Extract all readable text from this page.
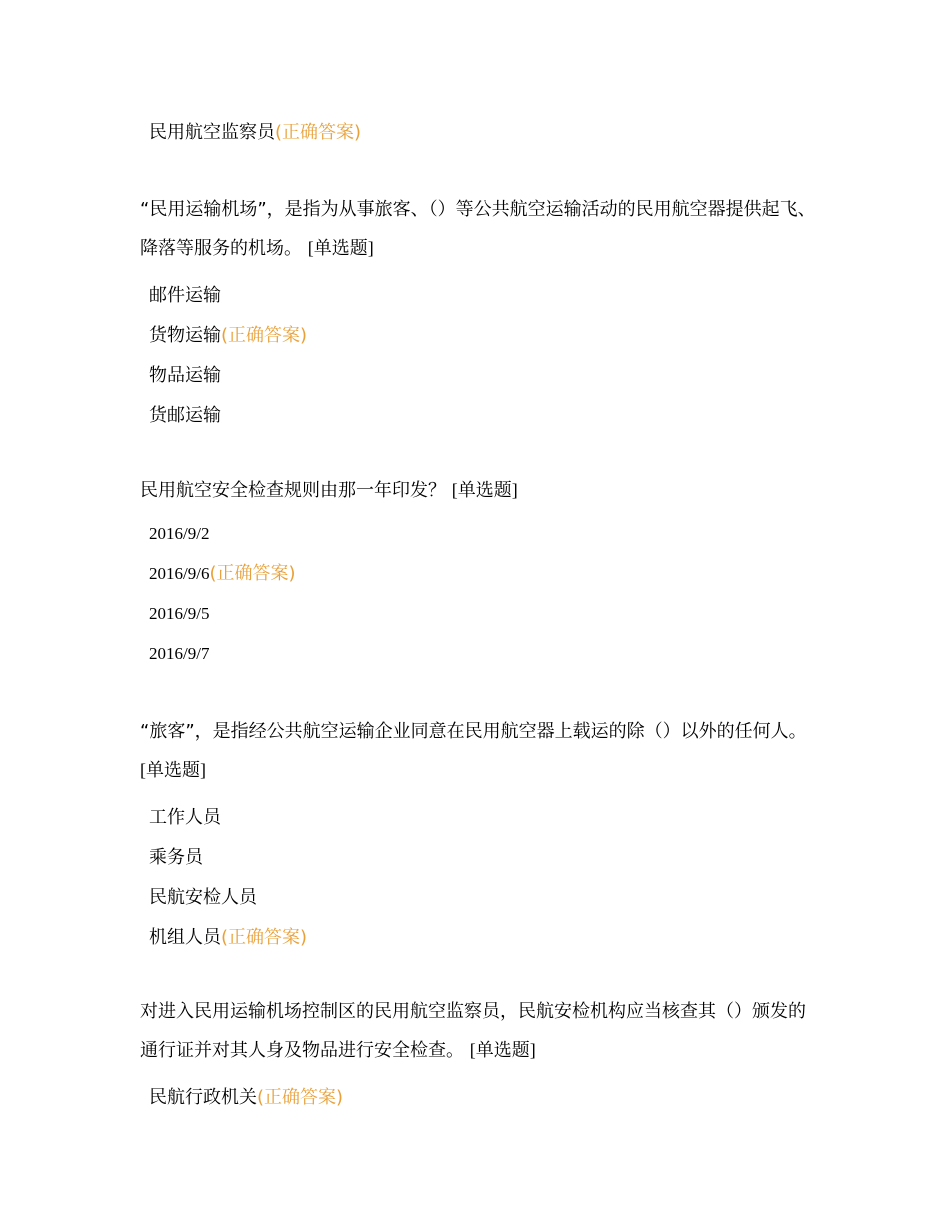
民用航空监察员(正确答案)

“民用运输机场”，是指为从事旅客、（）等公共航空运输活动的民用航空器提供起飞、降落等服务的机场。 [单选题]

邮件运输
货物运输(正确答案)
物品运输
货邮运输

民用航空安全检查规则由那一年印发？ [单选题]

2016/9/2
2016/9/6(正确答案)
2016/9/5
2016/9/7

“旅客”，是指经公共航空运输企业同意在民用航空器上载运的除（）以外的任何人。 [单选题]

工作人员
乘务员
民航安检人员
机组人员(正确答案)

对进入民用运输机场控制区的民用航空监察员，民航安检机构应当核查其（）颁发的通行证并对其人身及物品进行安全检查。 [单选题]

民航行政机关(正确答案)
